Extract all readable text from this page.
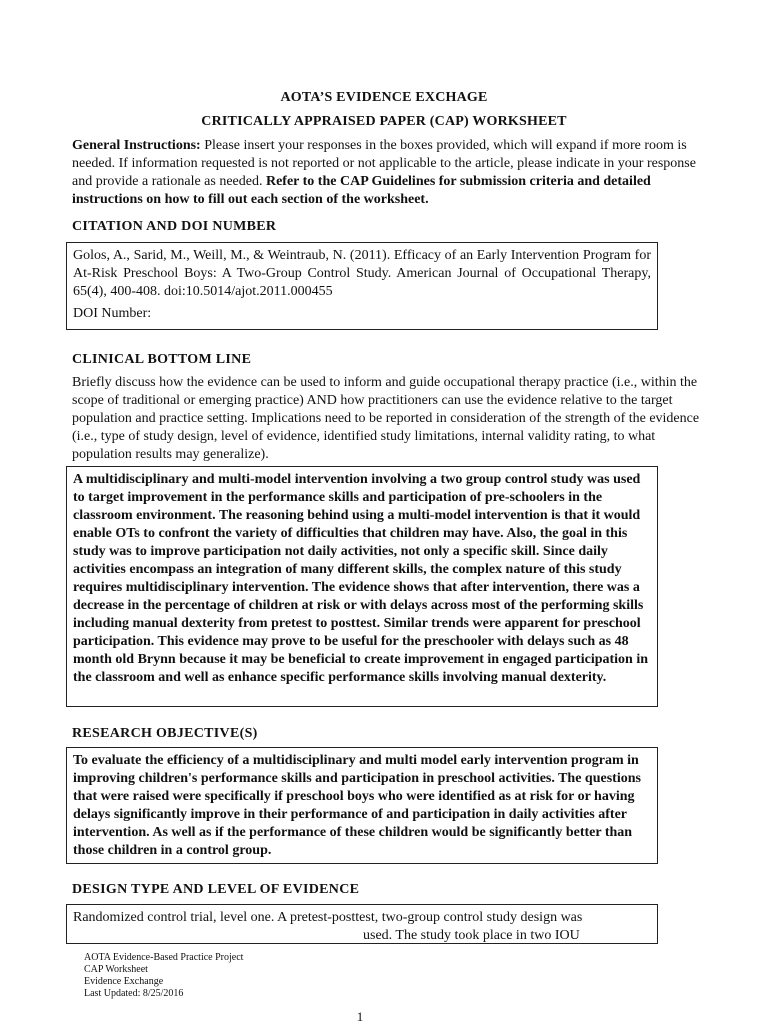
AOTA’S EVIDENCE EXCHAGE
CRITICALLY APPRAISED PAPER (CAP) WORKSHEET
General Instructions: Please insert your responses in the boxes provided, which will expand if more room is needed. If information requested is not reported or not applicable to the article, please indicate in your response and provide a rationale as needed. Refer to the CAP Guidelines for submission criteria and detailed instructions on how to fill out each section of the worksheet.
CITATION AND DOI NUMBER
Golos, A., Sarid, M., Weill, M., & Weintraub, N. (2011). Efficacy of an Early Intervention Program for At-Risk Preschool Boys: A Two-Group Control Study. American Journal of Occupational Therapy, 65(4), 400-408. doi:10.5014/ajot.2011.000455
DOI Number:
CLINICAL BOTTOM LINE
Briefly discuss how the evidence can be used to inform and guide occupational therapy practice (i.e., within the scope of traditional or emerging practice) AND how practitioners can use the evidence relative to the target population and practice setting. Implications need to be reported in consideration of the strength of the evidence (i.e., type of study design, level of evidence, identified study limitations, internal validity rating, to what population results may generalize).
A multidisciplinary and multi-model intervention involving a two group control study was used to target improvement in the performance skills and participation of pre-schoolers in the classroom environment. The reasoning behind using a multi-model intervention is that it would enable OTs to confront the variety of difficulties that children may have. Also, the goal in this study was to improve participation not daily activities, not only a specific skill. Since daily activities encompass an integration of many different skills, the complex nature of this study requires multidisciplinary intervention. The evidence shows that after intervention, there was a decrease in the percentage of children at risk or with delays across most of the performing skills including manual dexterity from pretest to posttest. Similar trends were apparent for preschool participation. This evidence may prove to be useful for the preschooler with delays such as 48 month old Brynn because it may be beneficial to create improvement in engaged participation in the classroom and well as enhance specific performance skills involving manual dexterity.
RESEARCH OBJECTIVE(S)
To evaluate the efficiency of a multidisciplinary and multi model early intervention program in improving children's performance skills and participation in preschool activities. The questions that were raised were specifically if preschool boys who were identified as at risk for or having delays significantly improve in their performance of and participation in daily activities after intervention. As well as if the performance of these children would be significantly better than those children in a control group.
DESIGN TYPE AND LEVEL OF EVIDENCE
Randomized control trial, level one. A pretest-posttest, two-group control study design was
used. The study took place in two IOU
AOTA Evidence-Based Practice Project
CAP Worksheet
Evidence Exchange
Last Updated: 8/25/2016
1
